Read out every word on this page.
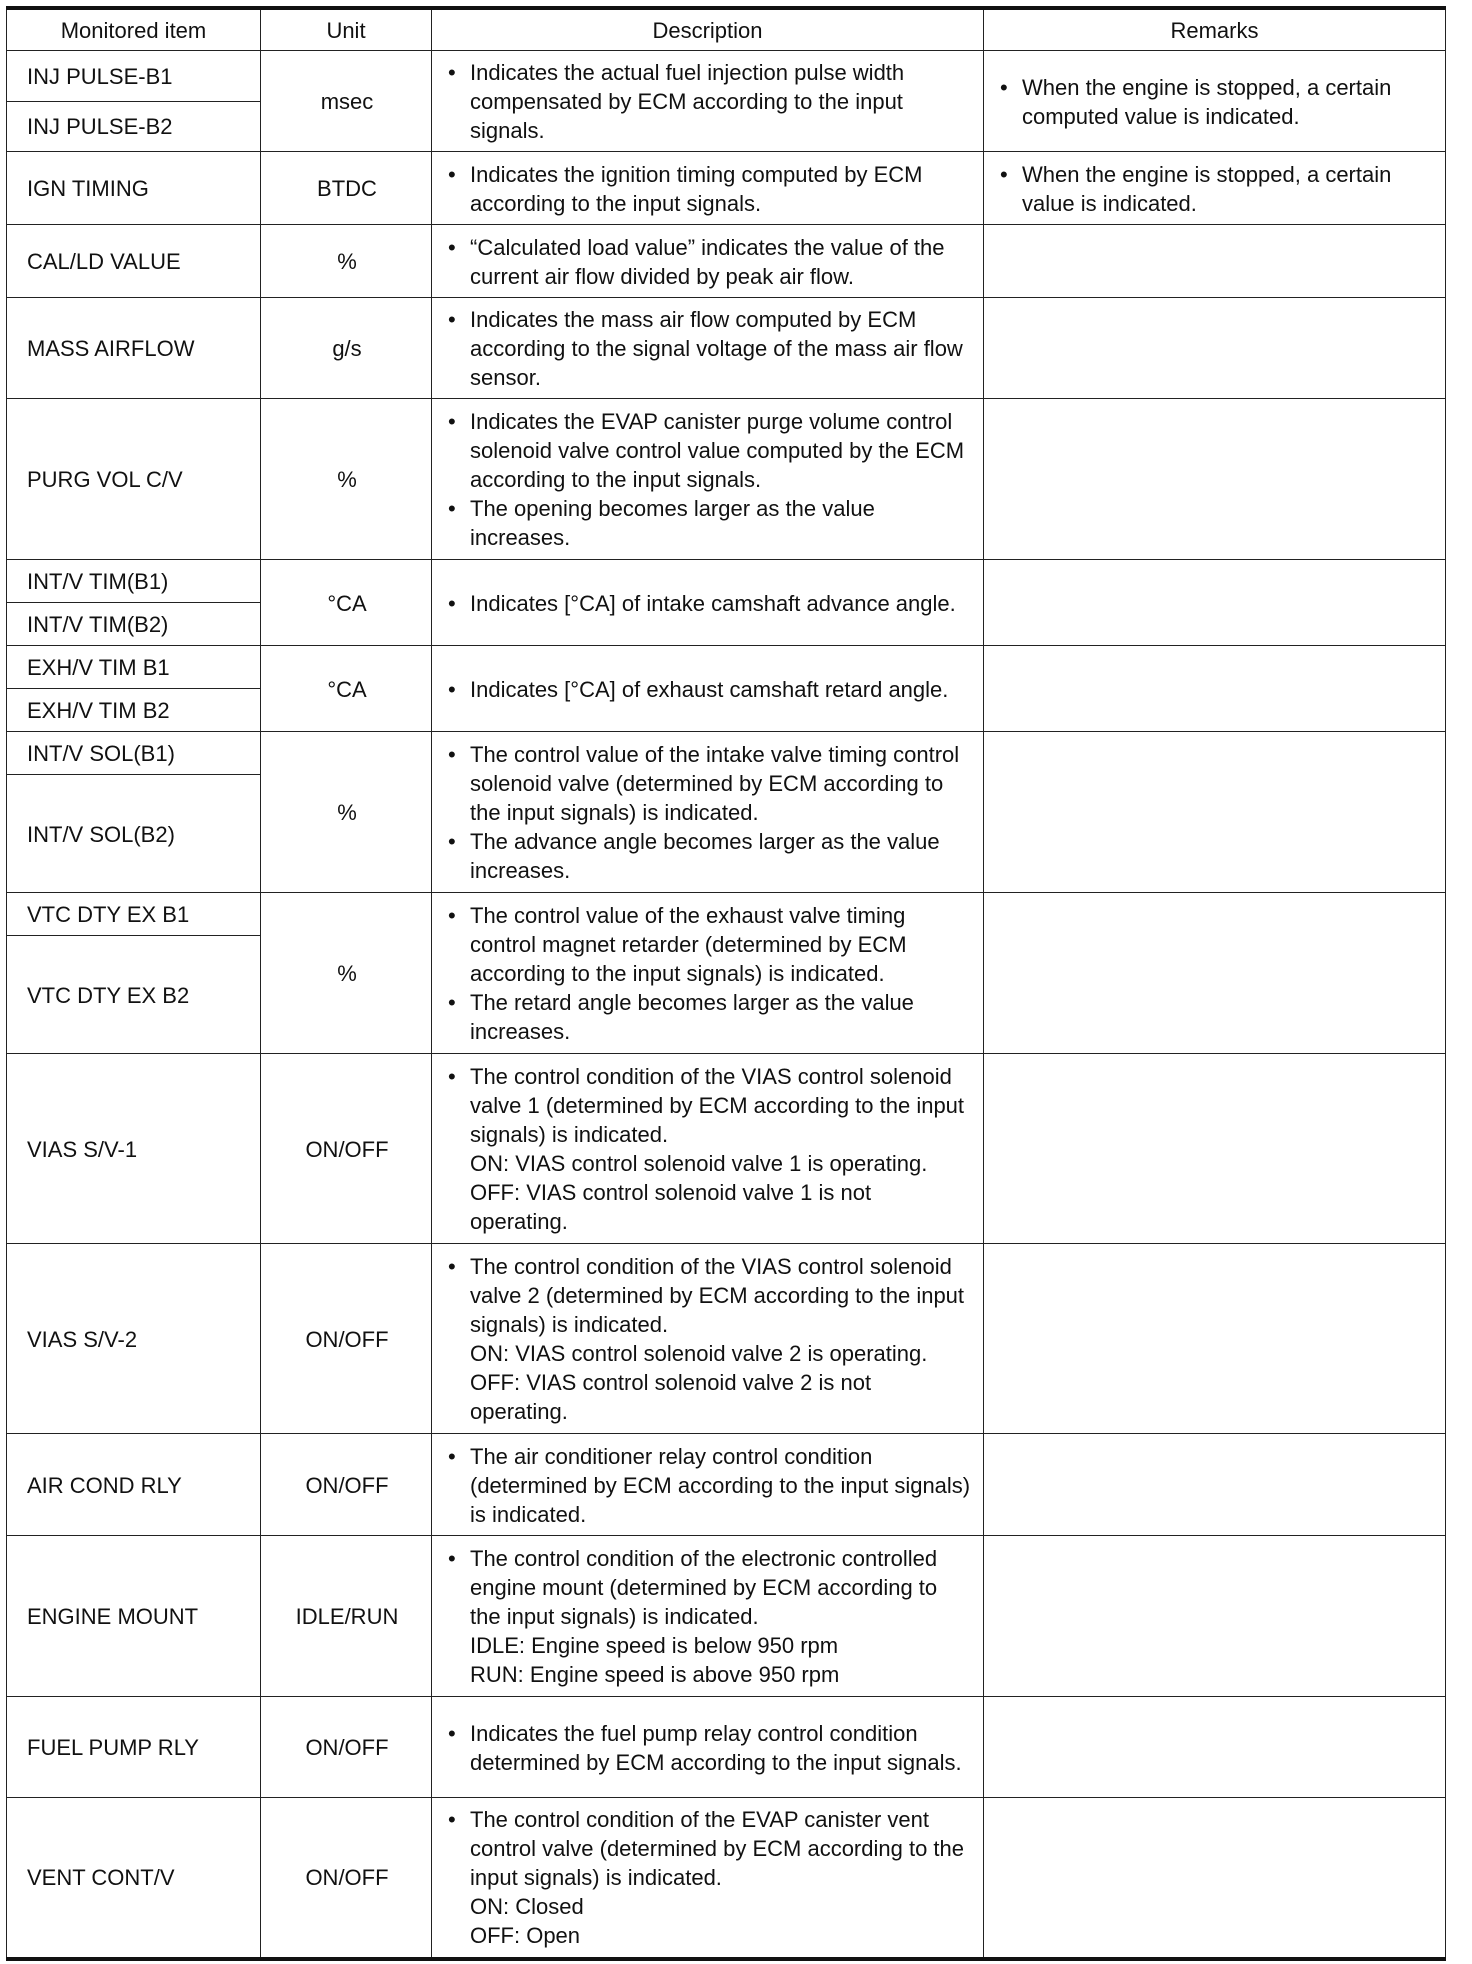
Monitored item	Unit	Description	Remarks
INJ PULSE-B1	msec	• Indicates the actual fuel injection pulse width compensated by ECM according to the input signals.	• When the engine is stopped, a certain computed value is indicated.

INJ PULSE-B2			
IGN TIMING	BTDC	• Indicates the ignition timing computed by ECM according to the input signals.	• When the engine is stopped, a certain value is indicated.

CAL/LD VALUE	%	• “Calculated load value” indicates the value of the current air flow divided by peak air flow.

MASS AIRFLOW	g/s	• Indicates the mass air flow computed by ECM according to the signal voltage of the mass air flow sensor.

PURG VOL C/V	%	• Indicates the EVAP canister purge volume control solenoid valve control value computed by the ECM according to the input signals.
• The opening becomes larger as the value increases.

INT/V TIM(B1)	°CA	• Indicates [°CA] of intake camshaft advance angle.

INT/V TIM(B2)			
EXH/V TIM B1	°CA	• Indicates [°CA] of exhaust camshaft retard angle.

EXH/V TIM B2			
INT/V SOL(B1)	%	• The control value of the intake valve timing control solenoid valve (determined by ECM according to the input signals) is indicated.
• The advance angle becomes larger as the value increases.

INT/V SOL(B2)			
VTC DTY EX B1	%	• The control value of the exhaust valve timing control magnet retarder (determined by ECM according to the input signals) is indicated.
• The retard angle becomes larger as the value increases.

VTC DTY EX B2			
VIAS S/V-1	ON/OFF	• The control condition of the VIAS control solenoid valve 1 (determined by ECM according to the input signals) is indicated.
ON: VIAS control solenoid valve 1 is operating.
OFF: VIAS control solenoid valve 1 is not operating.

VIAS S/V-2	ON/OFF	• The control condition of the VIAS control solenoid valve 2 (determined by ECM according to the input signals) is indicated.
ON: VIAS control solenoid valve 2 is operating.
OFF: VIAS control solenoid valve 2 is not operating.

AIR COND RLY	ON/OFF	• The air conditioner relay control condition (determined by ECM according to the input signals) is indicated.

ENGINE MOUNT	IDLE/RUN	• The control condition of the electronic controlled engine mount (determined by ECM according to the input signals) is indicated.
IDLE: Engine speed is below 950 rpm
RUN: Engine speed is above 950 rpm

FUEL PUMP RLY	ON/OFF	• Indicates the fuel pump relay control condition determined by ECM according to the input signals.

VENT CONT/V	ON/OFF	• The control condition of the EVAP canister vent control valve (determined by ECM according to the input signals) is indicated.
ON: Closed
OFF: Open
